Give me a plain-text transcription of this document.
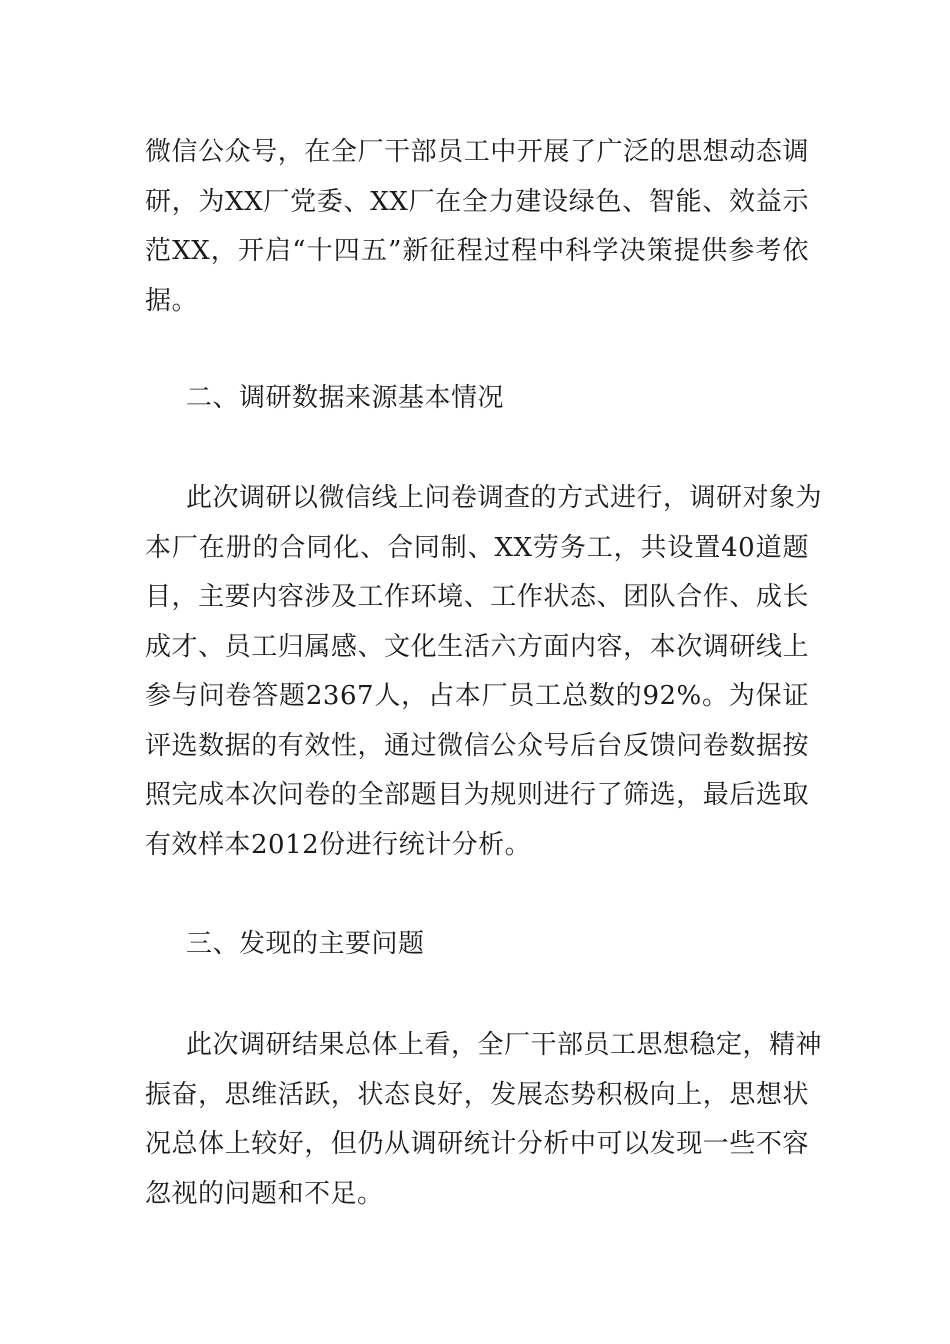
微信公众号，在全厂干部员工中开展了广泛的思想动态调
研，为XX厂党委、XX厂在全力建设绿色、智能、效益示
范XX，开启“十四五”新征程过程中科学决策提供参考依
据。

二、调研数据来源基本情况

此次调研以微信线上问卷调查的方式进行，调研对象为
本厂在册的合同化、合同制、XX劳务工，共设置40道题
目，主要内容涉及工作环境、工作状态、团队合作、成长
成才、员工归属感、文化生活六方面内容，本次调研线上
参与问卷答题2367人，占本厂员工总数的92%。为保证
评选数据的有效性，通过微信公众号后台反馈问卷数据按
照完成本次问卷的全部题目为规则进行了筛选，最后选取
有效样本2012份进行统计分析。

三、发现的主要问题

此次调研结果总体上看，全厂干部员工思想稳定，精神
振奋，思维活跃，状态良好，发展态势积极向上，思想状
况总体上较好，但仍从调研统计分析中可以发现一些不容
忽视的问题和不足。
